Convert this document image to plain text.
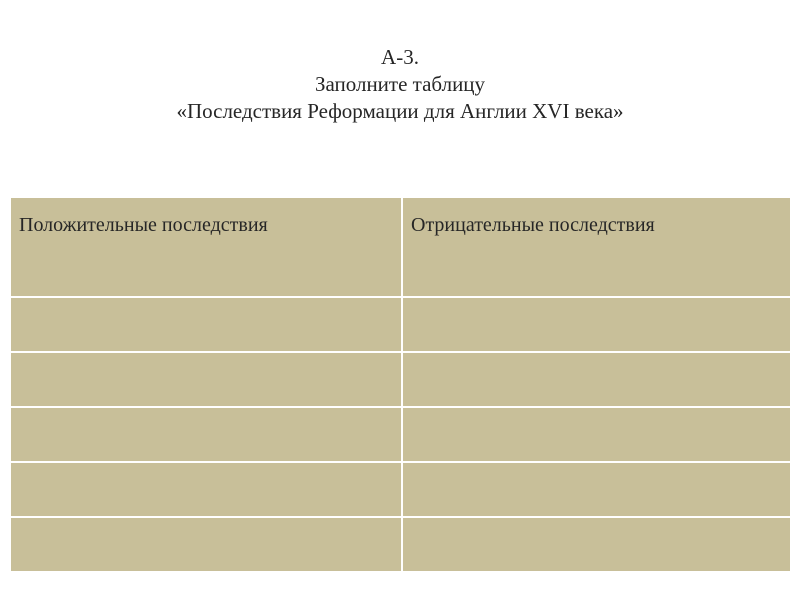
А-3.
Заполните таблицу
«Последствия Реформации для Англии XVI века»
Положительные последствия	Отрицательные последствия
